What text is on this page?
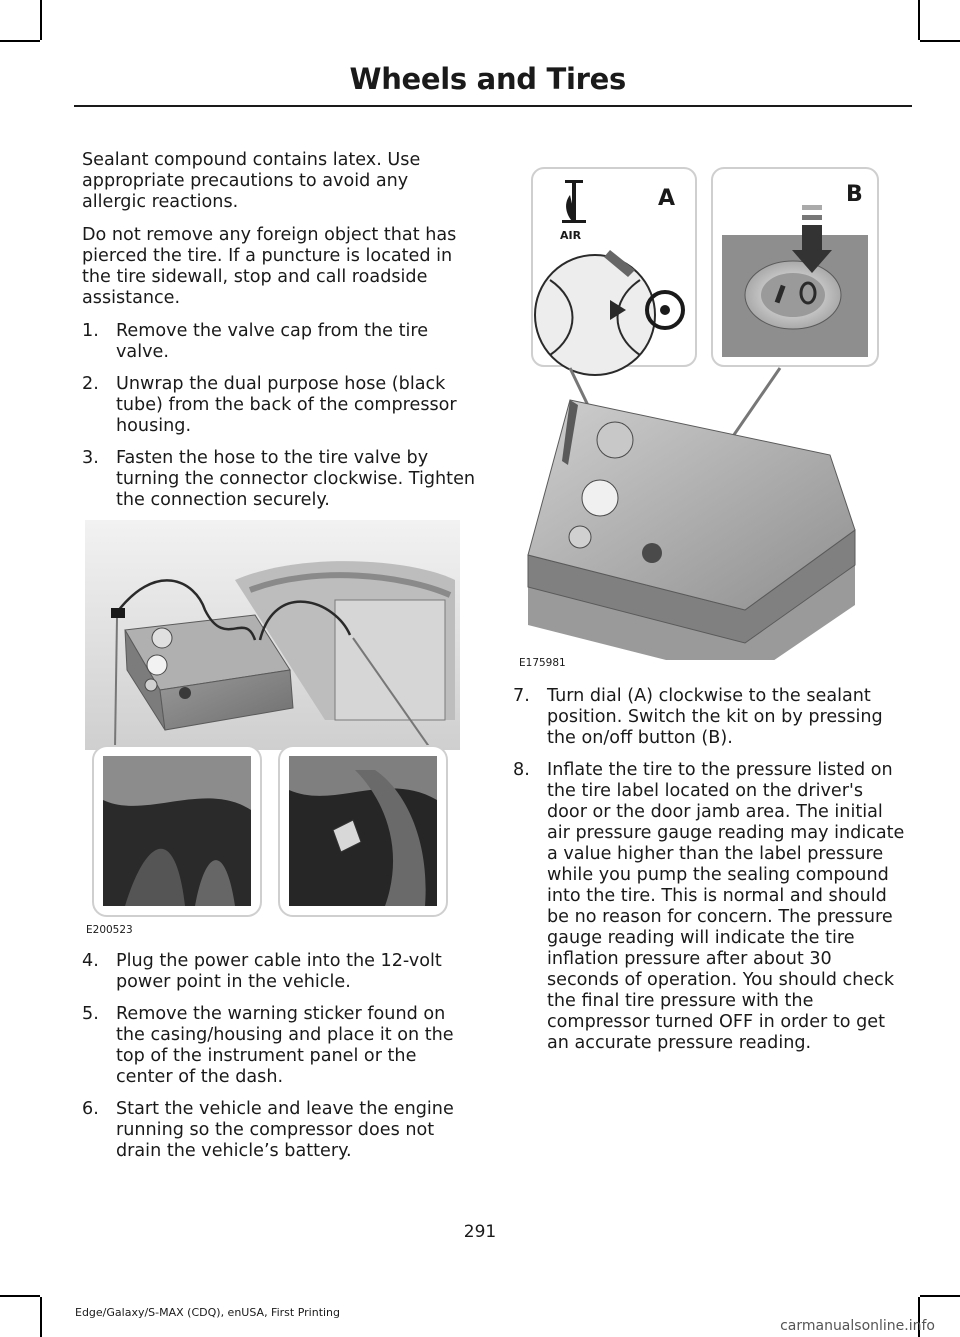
Wheels and Tires

Sealant compound contains latex. Use appropriate precautions to avoid any allergic reactions.

Do not remove any foreign object that has pierced the tire. If a puncture is located in the tire sidewall, stop and call roadside assistance.

1. Remove the valve cap from the tire valve.
2. Unwrap the dual purpose hose (black tube) from the back of the compressor housing.
3. Fasten the hose to the tire valve by turning the connector clockwise. Tighten the connection securely.
E200523
4. Plug the power cable into the 12-volt power point in the vehicle.
5. Remove the warning sticker found on the casing/housing and place it on the top of the instrument panel or the center of the dash.
6. Start the vehicle and leave the engine running so the compressor does not drain the vehicle’s battery.
AIR
A	B
E175981
7. Turn dial (A) clockwise to the sealant position. Switch the kit on by pressing the on/off button (B).
8. Inflate the tire to the pressure listed on the tire label located on the driver's door or the door jamb area. The initial air pressure gauge reading may indicate a value higher than the label pressure while you pump the sealing compound into the tire. This is normal and should be no reason for concern. The pressure gauge reading will indicate the tire inflation pressure after about 30 seconds of operation. You should check the final tire pressure with the compressor turned OFF in order to get an accurate pressure reading.
291
Edge/Galaxy/S-MAX (CDQ), enUSA, First Printing
carmanualsonline.info
